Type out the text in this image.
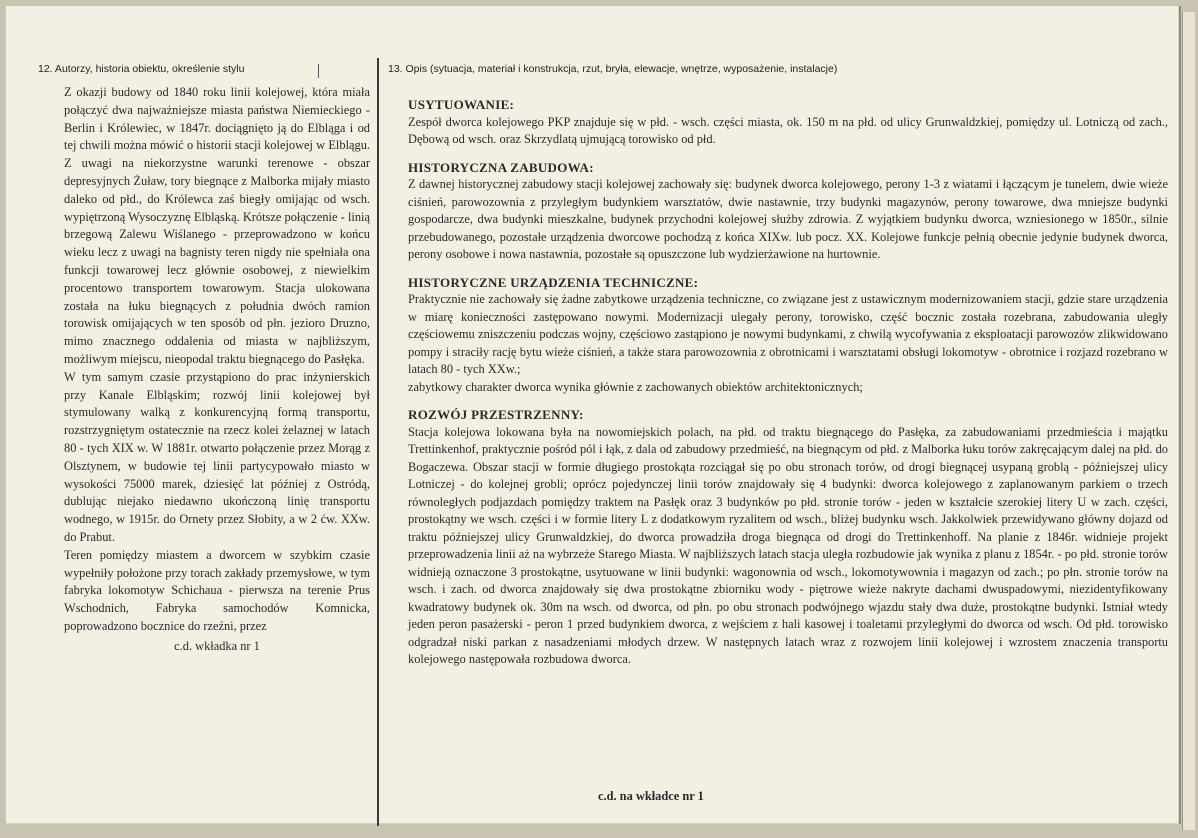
12. Autorzy, historia obiektu, określenie stylu	13. Opis (sytuacja, materiał i konstrukcja, rzut, bryła, elewacje, wnętrze, wyposażenie, instalacje)

Z okazji budowy od 1840 roku linii kolejowej, która miała połączyć dwa najważniejsze miasta państwa Niemieckiego - Berlin i Królewiec, w 1847r. dociągnięto ją do Elbląga i od tej chwili można mówić o historii stacji kolejowej w Elblągu. Z uwagi na niekorzystne warunki terenowe - obszar depresyjnych Żuław, tory biegnące z Malborka mijały miasto daleko od płd., do Królewca zaś biegły omijając od wsch. wypiętrzoną Wysoczyznę Elbląską. Krótsze połączenie - linią brzegową Zalewu Wiślanego - przeprowadzono w końcu wieku lecz z uwagi na bagnisty teren nigdy nie spełniała ona funkcji towarowej lecz głównie osobowej, z niewielkim procentowo transportem towarowym. Stacja ulokowana została na łuku biegnących z południa dwóch ramion torowisk omijających w ten sposób od płn. jezioro Druzno, mimo znacznego oddalenia od miasta w najbliższym, możliwym miejscu, nieopodal traktu biegnącego do Pasłęka.

W tym samym czasie przystąpiono do prac inżynierskich przy Kanale Elbląskim; rozwój linii kolejowej był stymulowany walką z konkurencyjną formą transportu, rozstrzygniętym ostatecznie na rzecz kolei żelaznej w latach 80 - tych XIX w. W 1881r. otwarto połączenie przez Morąg z Olsztynem, w budowie tej linii partycypowało miasto w wysokości 75000 marek, dziesięć lat później z Ostródą, dublując niejako niedawno ukończoną linię transportu wodnego, w 1915r. do Ornety przez Słobity, a w 2 ćw. XXw. do Prabut.

Teren pomiędzy miastem a dworcem w szybkim czasie wypełniły położone przy torach zakłady przemysłowe, w tym fabryka lokomotyw Schichaua - pierwsza na terenie Prus Wschodnich, Fabryka samochodów Komnicka, poprowadzono bocznice do rzeźni, przez

c.d. wkładka nr 1

USYTUOWANIE:

Zespół dworca kolejowego PKP znajduje się w płd. - wsch. części miasta, ok. 150 m na płd. od ulicy Grunwaldzkiej, pomiędzy ul. Lotniczą od zach., Dębową od wsch. oraz Skrzydlatą ujmującą torowisko od płd.

HISTORYCZNA ZABUDOWA:

Z dawnej historycznej zabudowy stacji kolejowej zachowały się: budynek dworca kolejowego, perony 1-3 z wiatami i łączącym je tunelem, dwie wieże ciśnień, parowozownia z przyległym budynkiem warsztatów, dwie nastawnie, trzy budynki magazynów, perony towarowe, dwa mniejsze budynki gospodarcze, dwa budynki mieszkalne, budynek przychodni kolejowej służby zdrowia. Z wyjątkiem budynku dworca, wzniesionego w 1850r., silnie przebudowanego, pozostałe urządzenia dworcowe pochodzą z końca XIXw. lub pocz. XX. Kolejowe funkcje pełnią obecnie jedynie budynek dworca, perony osobowe i nowa nastawnia, pozostałe są opuszczone lub wydzierżawione na hurtownie.

HISTORYCZNE URZĄDZENIA TECHNICZNE:

Praktycznie nie zachowały się żadne zabytkowe urządzenia techniczne, co związane jest z ustawicznym modernizowaniem stacji, gdzie stare urządzenia w miarę konieczności zastępowano nowymi. Modernizacji ulegały perony, torowisko, część bocznic została rozebrana, zabudowania uległy częściowemu zniszczeniu podczas wojny, częściowo zastąpiono je nowymi budynkami, z chwilą wycofywania z eksploatacji parowozów zlikwidowano pompy i straciły rację bytu wieże ciśnień, a także stara parowozownia z obrotnicami i warsztatami obsługi lokomotyw - obrotnice i rozjazd rozebrano w latach 80 - tych XXw.;

zabytkowy charakter dworca wynika głównie z zachowanych obiektów architektonicznych;

ROZWÓJ PRZESTRZENNY:

Stacja kolejowa lokowana była na nowomiejskich polach, na płd. od traktu biegnącego do Pasłęka, za zabudowaniami przedmieścia i majątku Trettinkenhof, praktycznie pośród pól i łąk, z dala od zabudowy przedmieść, na biegnącym od płd. z Malborka łuku torów zakręcającym dalej na płd. do Bogaczewa. Obszar stacji w formie długiego prostokąta rozciągał się po obu stronach torów, od drogi biegnącej usypaną groblą - późniejszej ulicy Lotniczej - do kolejnej grobli; oprócz pojedynczej linii torów znajdowały się 4 budynki: dworca kolejowego z zaplanowanym parkiem o trzech równoległych podjazdach pomiędzy traktem na Pasłęk oraz 3 budynków po płd. stronie torów - jeden w kształcie szerokiej litery U w zach. części, prostokątny we wsch. części i w formie litery L z dodatkowym ryzalitem od wsch., bliżej budynku wsch. Jakkolwiek przewidywano główny dojazd od traktu późniejszej ulicy Grunwaldzkiej, do dworca prowadziła droga biegnąca od drogi do Trettinkenhoff. Na planie z 1846r. widnieje projekt przeprowadzenia linii aż na wybrzeże Starego Miasta. W najbliższych latach stacja uległa rozbudowie jak wynika z planu z 1854r. - po płd. stronie torów widnieją oznaczone 3 prostokątne, usytuowane w linii budynki: wagonownia od wsch., lokomotywownia i magazyn od zach.; po płn. stronie torów na wsch. i zach. od dworca znajdowały się dwa prostokątne zbiorniku wody - piętrowe wieże nakryte dachami dwuspadowymi, niezidentyfikowany kwadratowy budynek ok. 30m na wsch. od dworca, od płn. po obu stronach podwójnego wjazdu stały dwa duże, prostokątne budynki. Istniał wtedy jeden peron pasażerski - peron 1 przed budynkiem dworca, z wejściem z hali kasowej i toaletami przyległymi do dworca od wsch. Od płd. torowisko odgradzał niski parkan z nasadzeniami młodych drzew. W następnych latach wraz z rozwojem linii kolejowej i wzrostem znaczenia transportu kolejowego następowała rozbudowa dworca.

c.d. na wkładce nr 1
